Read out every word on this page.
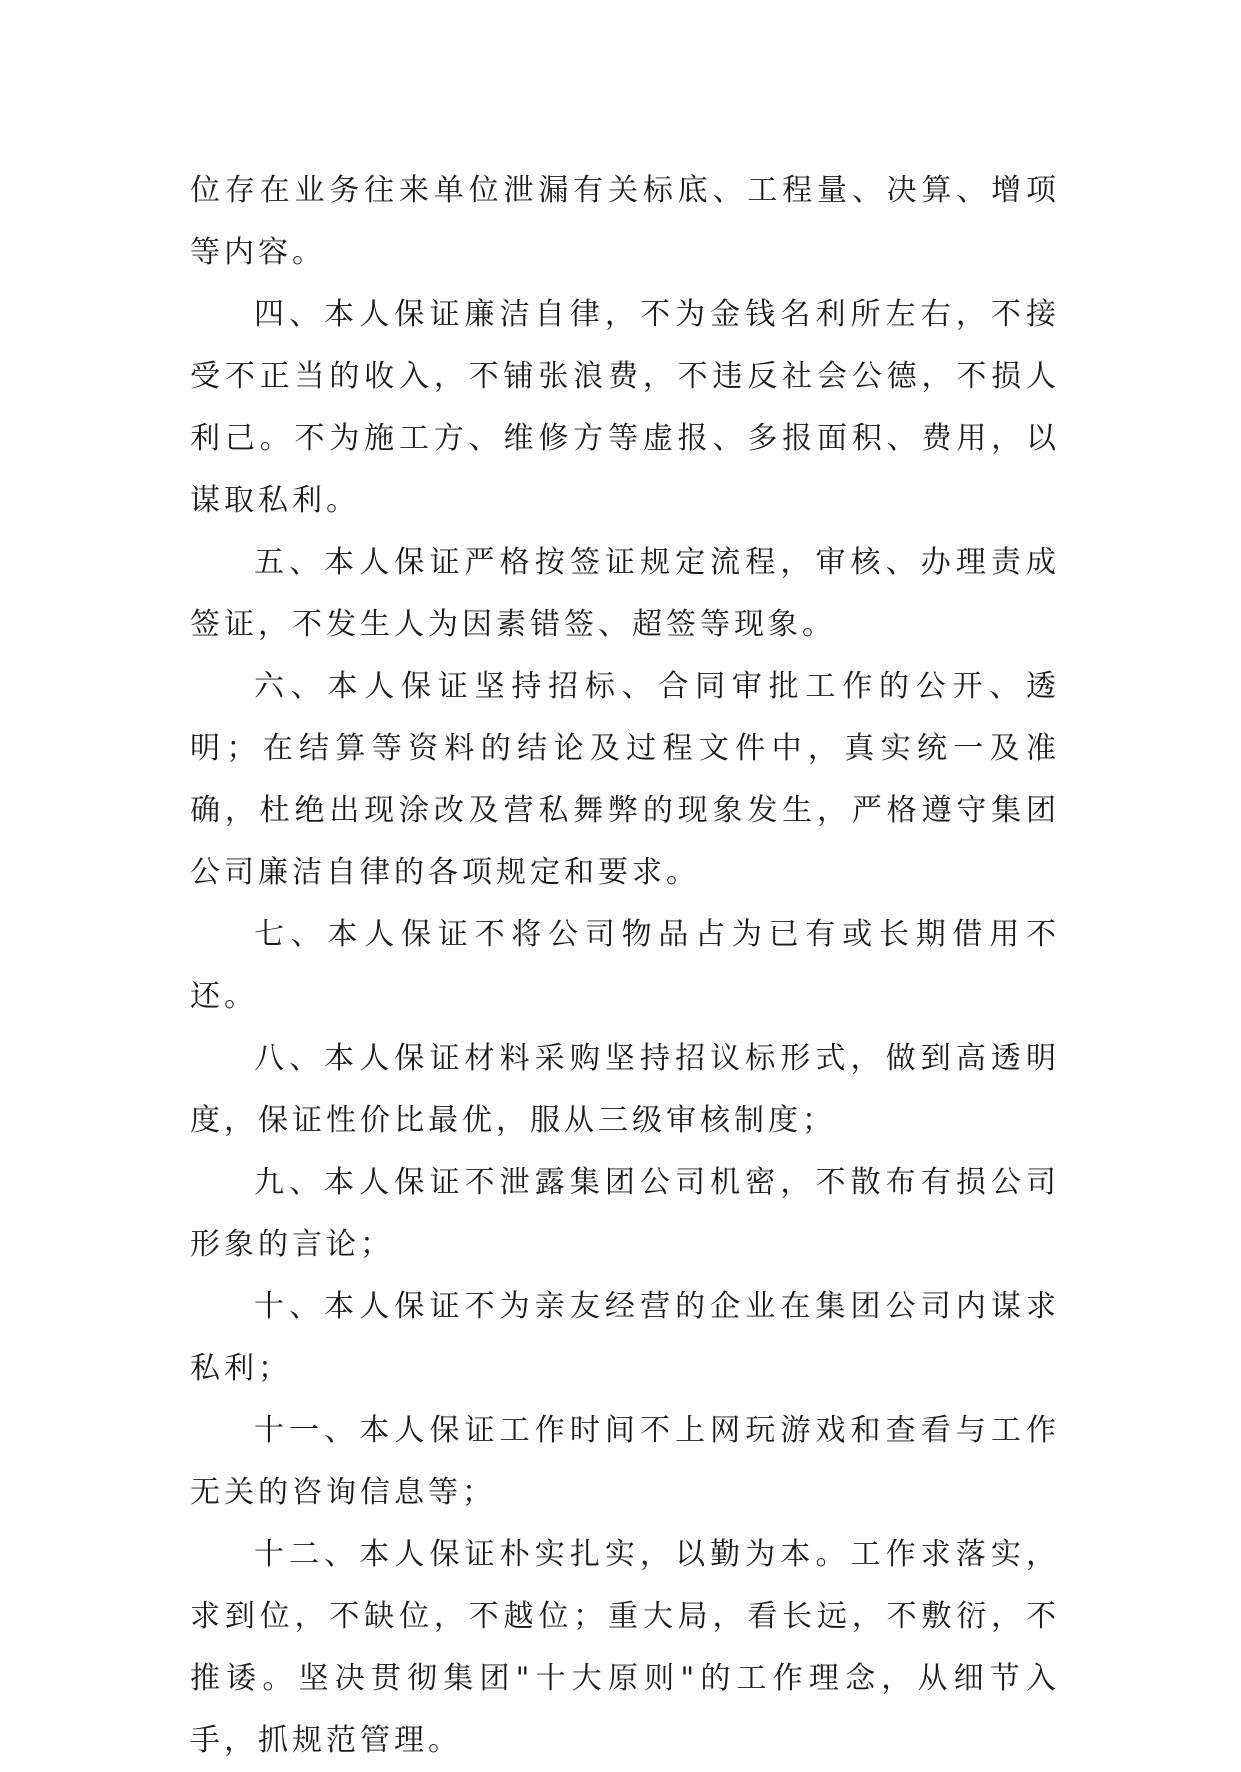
位存在业务往来单位泄漏有关标底、工程量、决算、增项等内容。

四、本人保证廉洁自律，不为金钱名利所左右，不接受不正当的收入，不铺张浪费，不违反社会公德，不损人利己。不为施工方、维修方等虚报、多报面积、费用，以谋取私利。

五、本人保证严格按签证规定流程，审核、办理责成签证，不发生人为因素错签、超签等现象。

六、本人保证坚持招标、合同审批工作的公开、透明；在结算等资料的结论及过程文件中，真实统一及准确，杜绝出现涂改及营私舞弊的现象发生，严格遵守集团公司廉洁自律的各项规定和要求。

七、本人保证不将公司物品占为已有或长期借用不还。

八、本人保证材料采购坚持招议标形式，做到高透明度，保证性价比最优，服从三级审核制度；

九、本人保证不泄露集团公司机密，不散布有损公司形象的言论；

十、本人保证不为亲友经营的企业在集团公司内谋求私利；

十一、本人保证工作时间不上网玩游戏和查看与工作无关的咨询信息等；

十二、本人保证朴实扎实，以勤为本。工作求落实，求到位，不缺位，不越位；重大局，看长远，不敷衍，不推诿。坚决贯彻集团"十大原则"的工作理念，从细节入手，抓规范管理。
